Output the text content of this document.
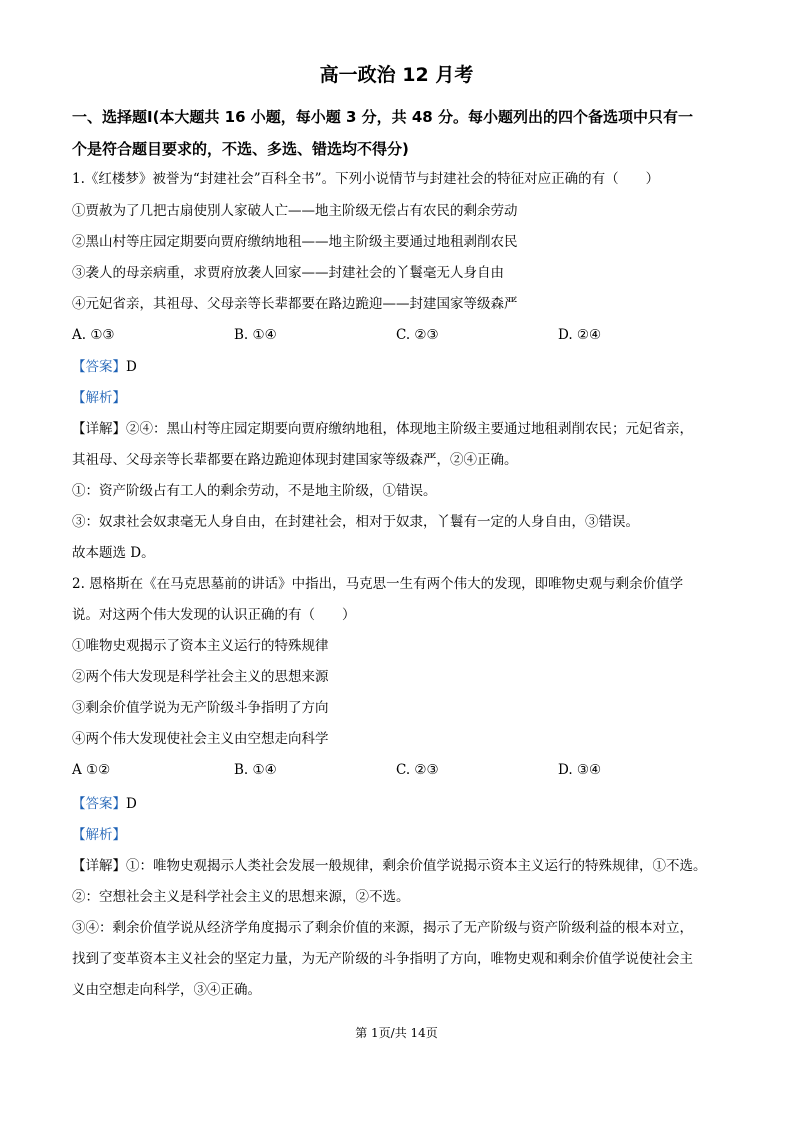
高一政治 12 月考
一、选择题Ⅰ(本大题共 16 小题，每小题 3 分，共 48 分。每小题列出的四个备选项中只有一
个是符合题目要求的，不选、多选、错选均不得分)
1.《红楼梦》被誉为“封建社会”百科全书”。下列小说情节与封建社会的特征对应正确的有（　　）
①贾赦为了几把古扇使別人家破人亡——地主阶级无偿占有农民的剩余劳动
②黑山村等庄园定期要向贾府缴纳地租——地主阶级主要通过地租剥削农民
③袭人的母亲病重，求贾府放袭人回家——封建社会的丫鬟毫无人身自由
④元妃省亲，其祖母、父母亲等长辈都要在路边跪迎——封建国家等级森严
A. ①③	B. ①④	C. ②③	D. ②④
【答案】D
【解析】
【详解】②④：黑山村等庄园定期要向贾府缴纳地租，体现地主阶级主要通过地租剥削农民；元妃省亲，
其祖母、父母亲等长辈都要在路边跪迎体现封建国家等级森严，②④正确。
①：资产阶级占有工人的剩余劳动，不是地主阶级，①错误。
③：奴隶社会奴隶毫无人身自由，在封建社会，相对于奴隶，丫鬟有一定的人身自由，③错误。
故本题选 D。
2. 恩格斯在《在马克思墓前的讲话》中指出，马克思一生有两个伟大的发现，即唯物史观与剩余价值学
说。对这两个伟大发现的认识正确的有（　　）
①唯物史观揭示了资本主义运行的特殊规律
②两个伟大发现是科学社会主义的思想来源
③剩余价值学说为无产阶级斗争指明了方向
④两个伟大发现使社会主义由空想走向科学
A ①②	B. ①④	C. ②③	D. ③④
【答案】D
【解析】
【详解】①：唯物史观揭示人类社会发展一般规律，剩余价值学说揭示资本主义运行的特殊规律，①不选。
②：空想社会主义是科学社会主义的思想来源，②不选。
③④：剩余价值学说从经济学角度揭示了剩余价值的来源，揭示了无产阶级与资产阶级利益的根本对立，
找到了变革资本主义社会的坚定力量，为无产阶级的斗争指明了方向，唯物史观和剩余价值学说使社会主
义由空想走向科学，③④正确。
第 1页/共 14页
